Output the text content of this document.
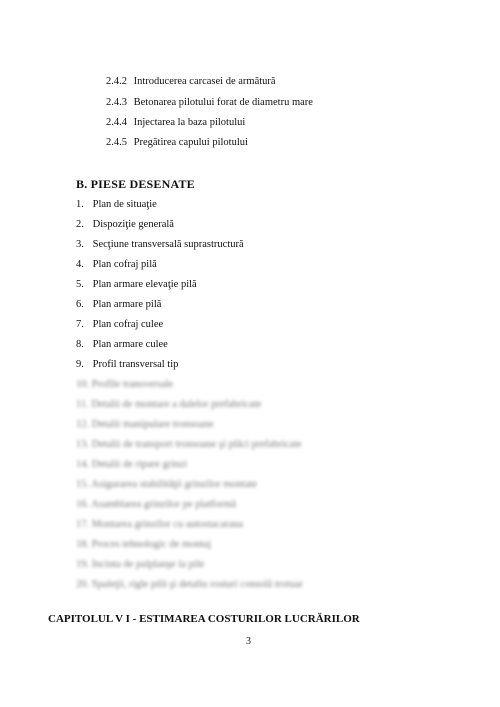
2.4.2 Introducerea carcasei de armătură
2.4.3 Betonarea pilotului forat de diametru mare
2.4.4 Injectarea la baza pilotului
2.4.5 Pregătirea capului pilotului
B. PIESE DESENATE
1. Plan de situaţie
2. Dispoziţie generală
3. Secţiune transversală suprastructură
4. Plan cofraj pilă
5. Plan armare elevaţie pilă
6. Plan armare pilă
7. Plan cofraj culee
8. Plan armare culee
9. Profil transversal tip
10. Profile transversale
11. Detalii de montare a dalelor prefabricate
12. Detalii manipulare tronsoane
13. Detalii de transport tronsoane şi plăci prefabricate
14. Detalii de ripare grinzi
15. Asigurarea stabilităţii grinzilor montate
16. Asamblarea grinzilor pe platformă
17. Montarea grinzilor cu autostacaraua
18. Proces tehnologic de montaj
19. Incinta de palplanşe la pile
20. Spaleţii, rigle pilă şi detaliu rosturi consolă trotuar
CAPITOLUL V I - ESTIMAREA COSTURILOR LUCRĂRILOR
3
